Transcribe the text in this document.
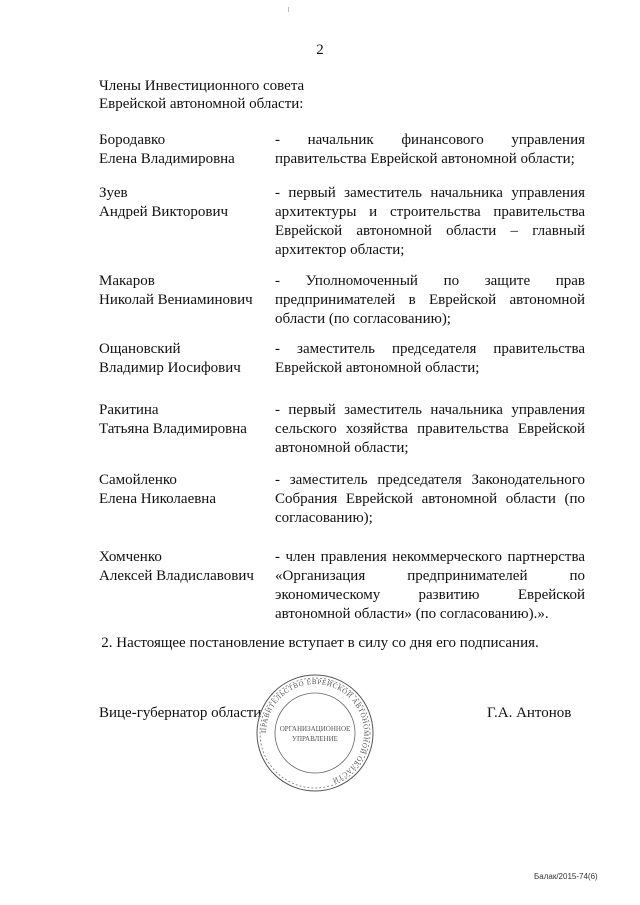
2
Члены Инвестиционного совета
Еврейской автономной области:
Бородавко
Елена Владимировна
- начальник финансового управления правительства Еврейской автономной области;
Зуев
Андрей Викторович
- первый заместитель начальника управления архитектуры и строительства правительства Еврейской автономной области – главный архитектор области;
Макаров
Николай Вениаминович
- Уполномоченный по защите прав предпринимателей в Еврейской автономной области (по согласованию);
Ощановский
Владимир Иосифович
- заместитель председателя правительства Еврейской автономной области;
Ракитина
Татьяна Владимировна
- первый заместитель начальника управления сельского хозяйства правительства Еврейской автономной области;
Самойленко
Елена Николаевна
- заместитель председателя Законодательного Собрания Еврейской автономной области (по согласованию);
Хомченко
Алексей Владиславович
- член правления некоммерческого партнерства «Организация предпринимателей по экономическому развитию Еврейской автономной области» (по согласованию).».
2. Настоящее постановление вступает в силу со дня его подписания.
Вице-губернатор области	Г.А. Антонов
ПРАВИТЕЛЬСТВО ЕВРЕЙСКОЙ АВТОНОМНОЙ ОБЛАСТИ
ОРГАНИЗАЦИОННОЕ
УПРАВЛЕНИЕ
Балак/2015-74(6)
